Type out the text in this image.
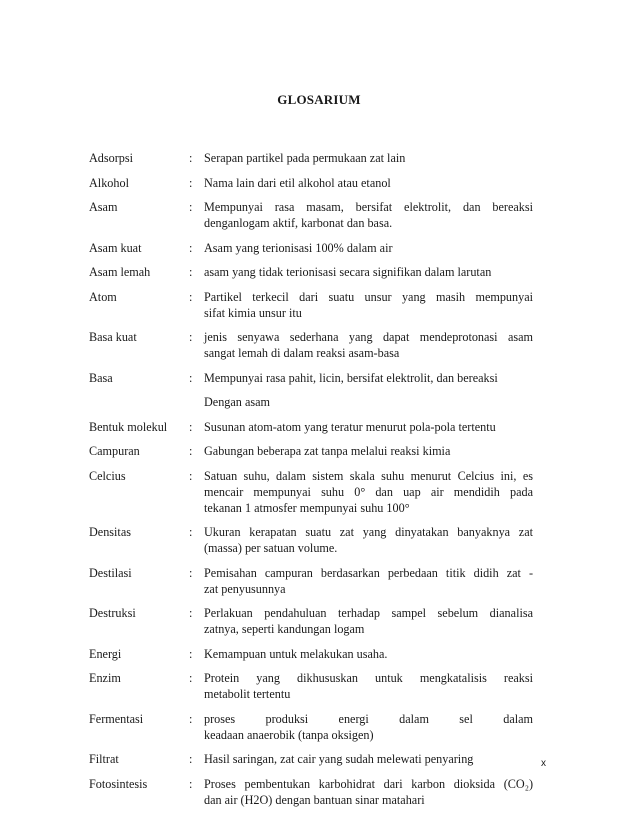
GLOSARIUM
Adsorpsi	: Serapan partikel pada permukaan zat lain
Alkohol	: Nama lain dari etil alkohol atau etanol
Asam	: Mempunyai rasa masam, bersifat elektrolit, dan bereaksi
denganlogam aktif, karbonat dan basa.
Asam kuat	: Asam yang terionisasi 100% dalam air
Asam lemah	: asam yang tidak terionisasi secara signifikan dalam larutan
Atom	: Partikel terkecil dari suatu unsur yang masih mempunyai
sifat kimia unsur itu
Basa kuat	: jenis senyawa sederhana yang dapat mendeprotonasi asam
sangat lemah di dalam reaksi asam-basa
Basa	: Mempunyai rasa pahit, licin, bersifat elektrolit, dan bereaksi
Dengan asam
Bentuk molekul	: Susunan atom-atom yang teratur menurut pola-pola tertentu
Campuran	: Gabungan beberapa zat tanpa melalui reaksi kimia
Celcius	: Satuan suhu, dalam sistem skala suhu menurut Celcius ini, es
mencair mempunyai suhu 0° dan uap air mendidih pada
tekanan 1 atmosfer mempunyai suhu 100°
Densitas	: Ukuran kerapatan suatu zat yang dinyatakan banyaknya zat
(massa) per satuan volume.
Destilasi	: Pemisahan campuran berdasarkan perbedaan titik didih zat -
zat penyusunnya
Destruksi	: Perlakuan pendahuluan terhadap sampel sebelum dianalisa
zatnya, seperti kandungan logam
Energi	: Kemampuan untuk melakukan usaha.
Enzim	: Protein yang dikhususkan untuk mengkatalisis reaksi
metabolit tertentu
Fermentasi	: proses produksi energi dalam sel dalam
keadaan anaerobik (tanpa oksigen)
Filtrat	: Hasil saringan, zat cair yang sudah melewati penyaring
Fotosintesis	: Proses pembentukan karbohidrat dari karbon dioksida (CO₂)
dan air (H2O) dengan bantuan sinar matahari
x
